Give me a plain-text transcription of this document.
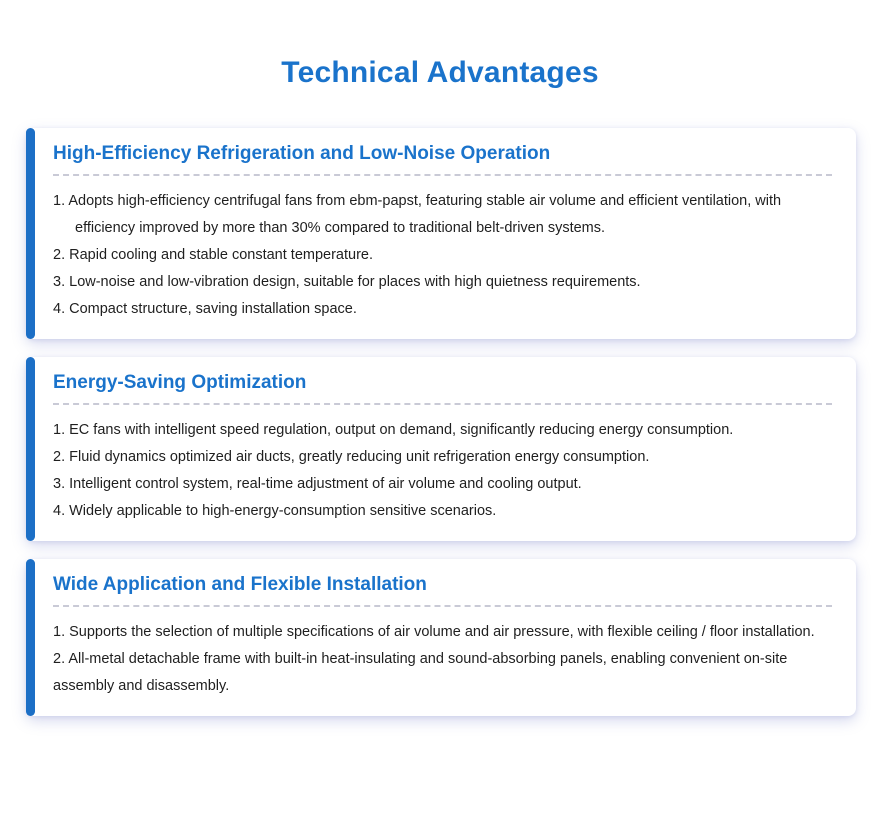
Technical Advantages
High-Efficiency Refrigeration and Low-Noise Operation

1. Adopts high-efficiency centrifugal fans from ebm-papst, featuring stable air volume and efficient ventilation, with efficiency improved by more than 30% compared to traditional belt-driven systems.

2. Rapid cooling and stable constant temperature.

3. Low-noise and low-vibration design, suitable for places with high quietness requirements.

4. Compact structure, saving installation space.

Energy-Saving Optimization

1. EC fans with intelligent speed regulation, output on demand, significantly reducing energy consumption.

2. Fluid dynamics optimized air ducts, greatly reducing unit refrigeration energy consumption.

3. Intelligent control system, real-time adjustment of air volume and cooling output.

4. Widely applicable to high-energy-consumption sensitive scenarios.

Wide Application and Flexible Installation

1. Supports the selection of multiple specifications of air volume and air pressure, with flexible ceiling / floor installation.

2. All-metal detachable frame with built-in heat-insulating and sound-absorbing panels, enabling convenient on-site assembly and disassembly.
